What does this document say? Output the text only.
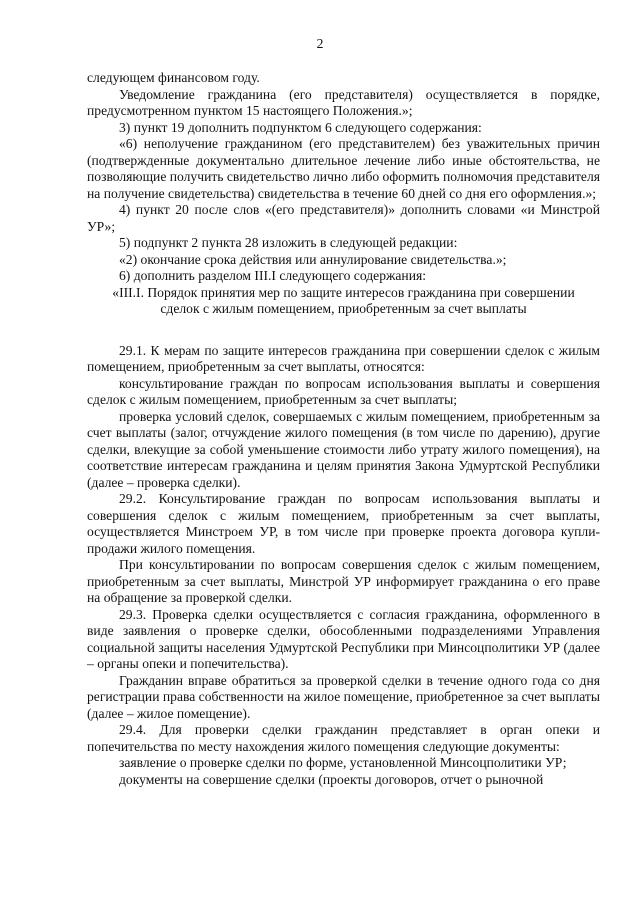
2

следующем финансовом году.

Уведомление гражданина (его представителя) осуществляется в порядке, предусмотренном пунктом 15 настоящего Положения.»;

3) пункт 19 дополнить подпунктом 6 следующего содержания:

«6) неполучение гражданином (его представителем) без уважительных причин (подтвержденные документально длительное лечение либо иные обстоятельства, не позволяющие получить свидетельство лично либо оформить полномочия представителя на получение свидетельства) свидетельства в течение 60 дней со дня его оформления.»;

4) пункт 20 после слов «(его представителя)» дополнить словами «и Минстрой УР»;

5) подпункт 2 пункта 28 изложить в следующей редакции:

«2) окончание срока действия или аннулирование свидетельства.»;

6) дополнить разделом III.I следующего содержания:

«III.I. Порядок принятия мер по защите интересов гражданина при совершении
сделок с жилым помещением, приобретенным за счет выплаты

29.1. К мерам по защите интересов гражданина при совершении сделок с жилым помещением, приобретенным за счет выплаты, относятся:

консультирование граждан по вопросам использования выплаты и совершения сделок с жилым помещением, приобретенным за счет выплаты;

проверка условий сделок, совершаемых с жилым помещением, приобретенным за счет выплаты (залог, отчуждение жилого помещения (в том числе по дарению), другие сделки, влекущие за собой уменьшение стоимости либо утрату жилого помещения), на соответствие интересам гражданина и целям принятия Закона Удмуртской Республики (далее – проверка сделки).

29.2. Консультирование граждан по вопросам использования выплаты и совершения сделок с жилым помещением, приобретенным за счет выплаты, осуществляется Минстроем УР, в том числе при проверке проекта договора купли-продажи жилого помещения.

При консультировании по вопросам совершения сделок с жилым помещением, приобретенным за счет выплаты, Минстрой УР информирует гражданина о его праве на обращение за проверкой сделки.

29.3. Проверка сделки осуществляется с согласия гражданина, оформленного в виде заявления о проверке сделки, обособленными подразделениями Управления социальной защиты населения Удмуртской Республики при Минсоцполитики УР (далее – органы опеки и попечительства).

Гражданин вправе обратиться за проверкой сделки в течение одного года со дня регистрации права собственности на жилое помещение, приобретенное за счет выплаты (далее – жилое помещение).

29.4. Для проверки сделки гражданин представляет в орган опеки и попечительства по месту нахождения жилого помещения следующие документы:

заявление о проверке сделки по форме, установленной Минсоцполитики УР;

документы на совершение сделки (проекты договоров, отчет о рыночной
